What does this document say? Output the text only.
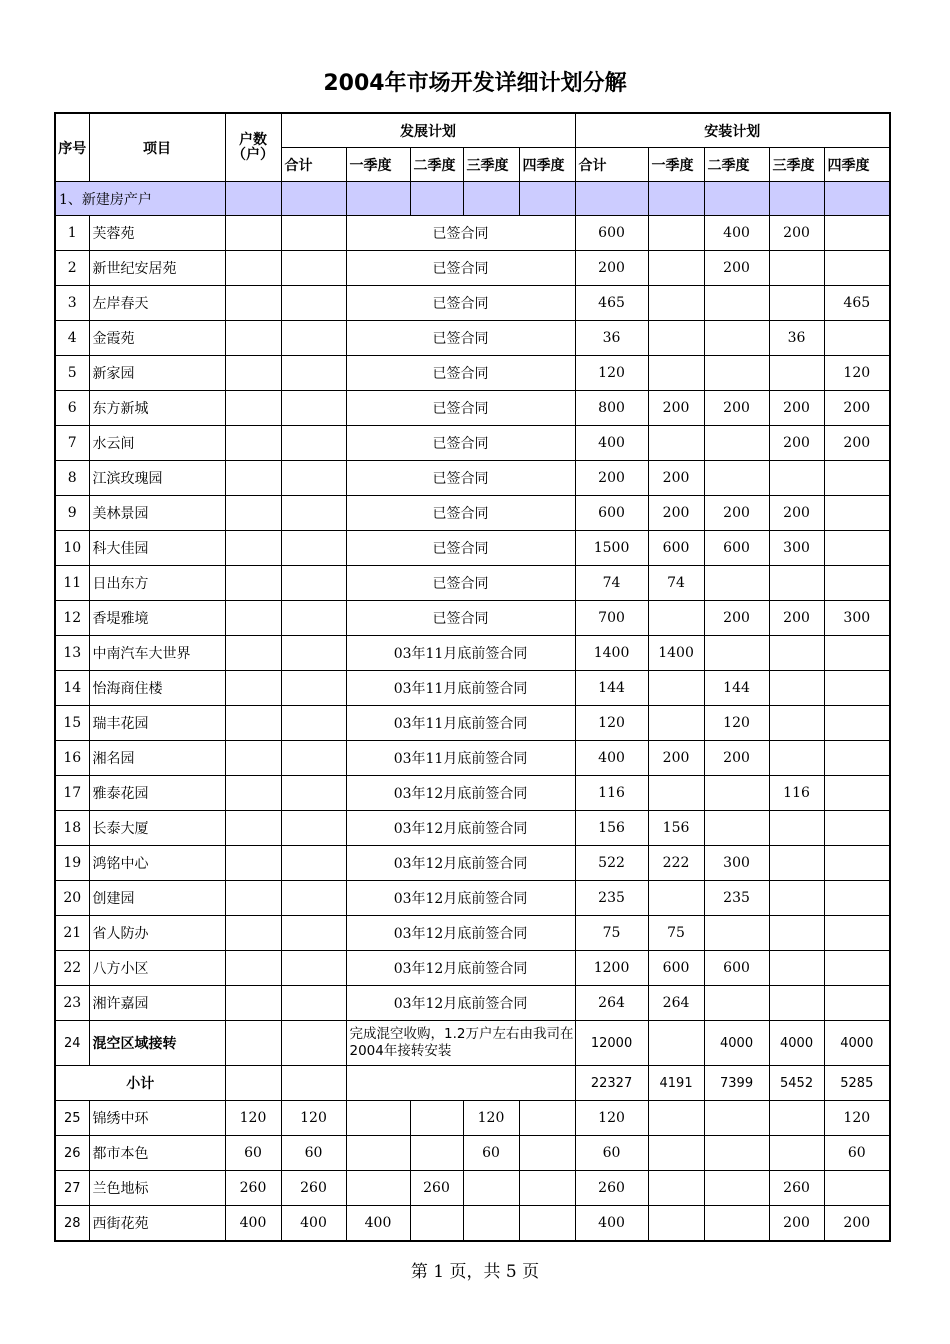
2004年市场开发详细计划分解
序号	项目	户数（户）	发展计划					安装计划				
			合计	一季度	二季度	三季度	四季度	合计	一季度	二季度	三季度	四季度
1、新建房产户												
1	芙蓉苑			已签合同				600		400	200	
2	新世纪安居苑			已签合同				200		200		
3	左岸春天			已签合同				465				465
4	金霞苑			已签合同				36			36	
5	新家园			已签合同				120				120
6	东方新城			已签合同				800	200	200	200	200
7	水云间			已签合同				400			200	200
8	江滨玫瑰园			已签合同				200	200			
9	美林景园			已签合同				600	200	200	200	
10	科大佳园			已签合同				1500	600	600	300	
11	日出东方			已签合同				74	74			
12	香堤雅境			已签合同				700		200	200	300
13	中南汽车大世界			03年11月底前签合同				1400	1400			
14	怡海商住楼			03年11月底前签合同				144		144		
15	瑞丰花园			03年11月底前签合同				120		120		
16	湘名园			03年11月底前签合同				400	200	200		
17	雅泰花园			03年12月底前签合同				116			116	
18	长泰大厦			03年12月底前签合同				156	156			
19	鸿铭中心			03年12月底前签合同				522	222	300		
20	创建园			03年12月底前签合同				235		235		
21	省人防办			03年12月底前签合同				75	75			
22	八方小区			03年12月底前签合同				1200	600	600		
23	湘许嘉园			03年12月底前签合同				264	264			
24	混空区域接转			完成混空收购，1.2万户左右由我司在2004年接转安装				12000		4000	4000	4000
小计								22327	4191	7399	5452	5285
25	锦绣中环	120	120			120		120				120
26	都市本色	60	60			60		60				60
27	兰色地标	260	260		260			260			260	
28	西街花苑	400	400	400				400			200	200
第 1 页，共 5 页
